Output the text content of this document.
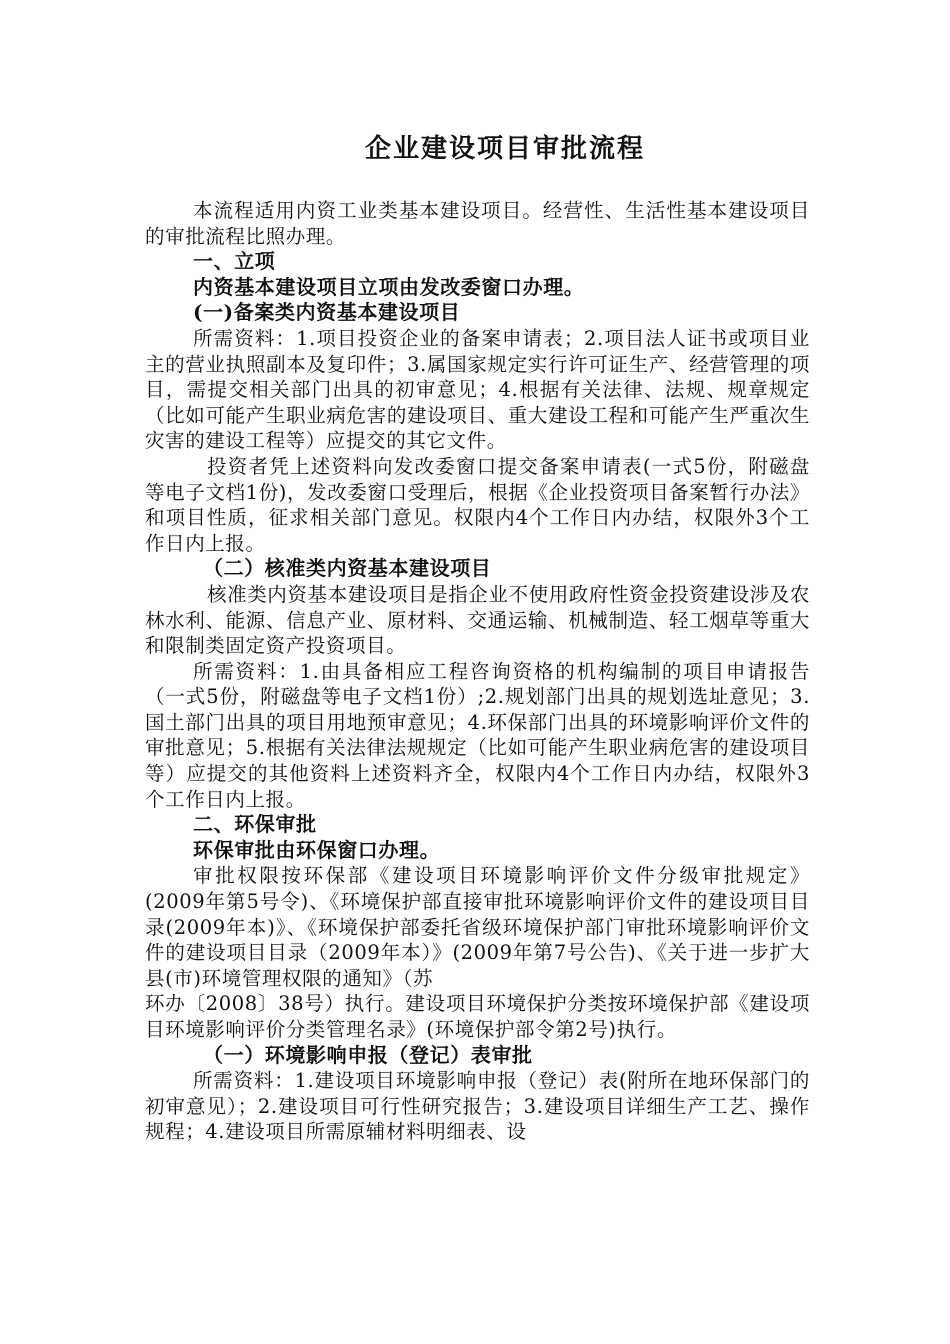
企业建设项目审批流程

本流程适用内资工业类基本建设项目。经营性、生活性基本建设项目的审批流程比照办理。

一、立项

内资基本建设项目立项由发改委窗口办理。

(一)备案类内资基本建设项目

所需资料：1.项目投资企业的备案申请表；2.项目法人证书或项目业主的营业执照副本及复印件；3.属国家规定实行许可证生产、经营管理的项目，需提交相关部门出具的初审意见；4.根据有关法律、法规、规章规定（比如可能产生职业病危害的建设项目、重大建设工程和可能产生严重次生灾害的建设工程等）应提交的其它文件。

投资者凭上述资料向发改委窗口提交备案申请表(一式5份，附磁盘等电子文档1份)，发改委窗口受理后，根据《企业投资项目备案暂行办法》和项目性质，征求相关部门意见。权限内4个工作日内办结，权限外3个工作日内上报。

（二）核准类内资基本建设项目

核准类内资基本建设项目是指企业不使用政府性资金投资建设涉及农林水利、能源、信息产业、原材料、交通运输、机械制造、轻工烟草等重大和限制类固定资产投资项目。

所需资料：1.由具备相应工程咨询资格的机构编制的项目申请报告（一式5份，附磁盘等电子文档1份）;2.规划部门出具的规划选址意见；3.国土部门出具的项目用地预审意见；4.环保部门出具的环境影响评价文件的审批意见；5.根据有关法律法规规定（比如可能产生职业病危害的建设项目等）应提交的其他资料上述资料齐全，权限内4个工作日内办结，权限外3个工作日内上报。

二、环保审批

环保审批由环保窗口办理。

审批权限按环保部《建设项目环境影响评价文件分级审批规定》(2009年第5号令)、《环境保护部直接审批环境影响评价文件的建设项目目录(2009年本)》、《环境保护部委托省级环境保护部门审批环境影响评价文件的建设项目目录（2009年本）》(2009年第7号公告)、《关于进一步扩大县(市)环境管理权限的通知》（苏

环办〔2008〕38号）执行。建设项目环境保护分类按环境保护部《建设项目环境影响评价分类管理名录》(环境保护部令第2号)执行。

（一）环境影响申报（登记）表审批

所需资料：1.建设项目环境影响申报（登记）表(附所在地环保部门的初审意见）；2.建设项目可行性研究报告；3.建设项目详细生产工艺、操作规程；4.建设项目所需原辅材料明细表、设
